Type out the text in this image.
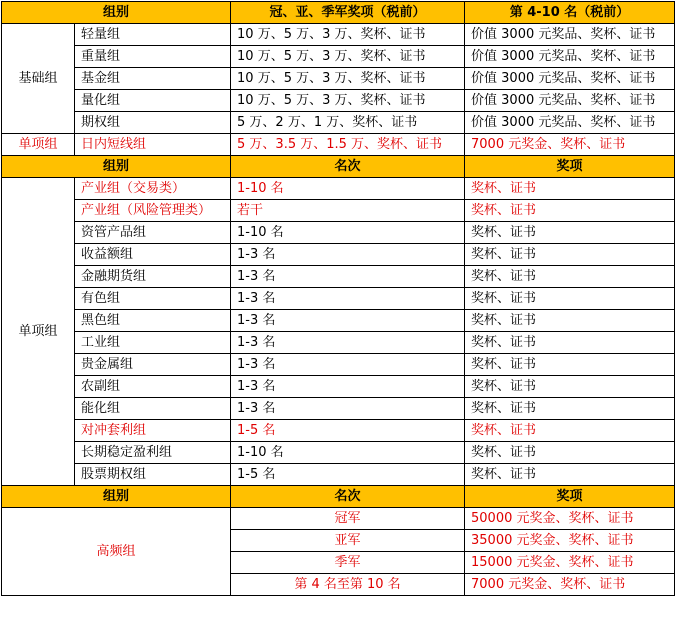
组别		冠、亚、季军奖项（税前）	第 4-10 名（税前）
基础组	轻量组	10 万、5 万、3 万、奖杯、证书	价值 3000 元奖品、奖杯、证书
	重量组	10 万、5 万、3 万、奖杯、证书	价值 3000 元奖品、奖杯、证书
	基金组	10 万、5 万、3 万、奖杯、证书	价值 3000 元奖品、奖杯、证书
	量化组	10 万、5 万、3 万、奖杯、证书	价值 3000 元奖品、奖杯、证书
	期权组	5 万、2 万、1 万、奖杯、证书	价值 3000 元奖品、奖杯、证书
单项组	日内短线组	5 万、3.5 万、1.5 万、奖杯、证书	7000 元奖金、奖杯、证书
组别		名次	奖项
单项组	产业组（交易类）	1-10 名	奖杯、证书
	产业组（风险管理类）	若干	奖杯、证书
	资管产品组	1-10 名	奖杯、证书
	收益额组	1-3 名	奖杯、证书
	金融期货组	1-3 名	奖杯、证书
	有色组	1-3 名	奖杯、证书
	黑色组	1-3 名	奖杯、证书
	工业组	1-3 名	奖杯、证书
	贵金属组	1-3 名	奖杯、证书
	农副组	1-3 名	奖杯、证书
	能化组	1-3 名	奖杯、证书
	对冲套利组	1-5 名	奖杯、证书
	长期稳定盈利组	1-10 名	奖杯、证书
	股票期权组	1-5 名	奖杯、证书
组别		名次	奖项
高频组		冠军	50000 元奖金、奖杯、证书
		亚军	35000 元奖金、奖杯、证书
		季军	15000 元奖金、奖杯、证书
		第 4 名至第 10 名	7000 元奖金、奖杯、证书
